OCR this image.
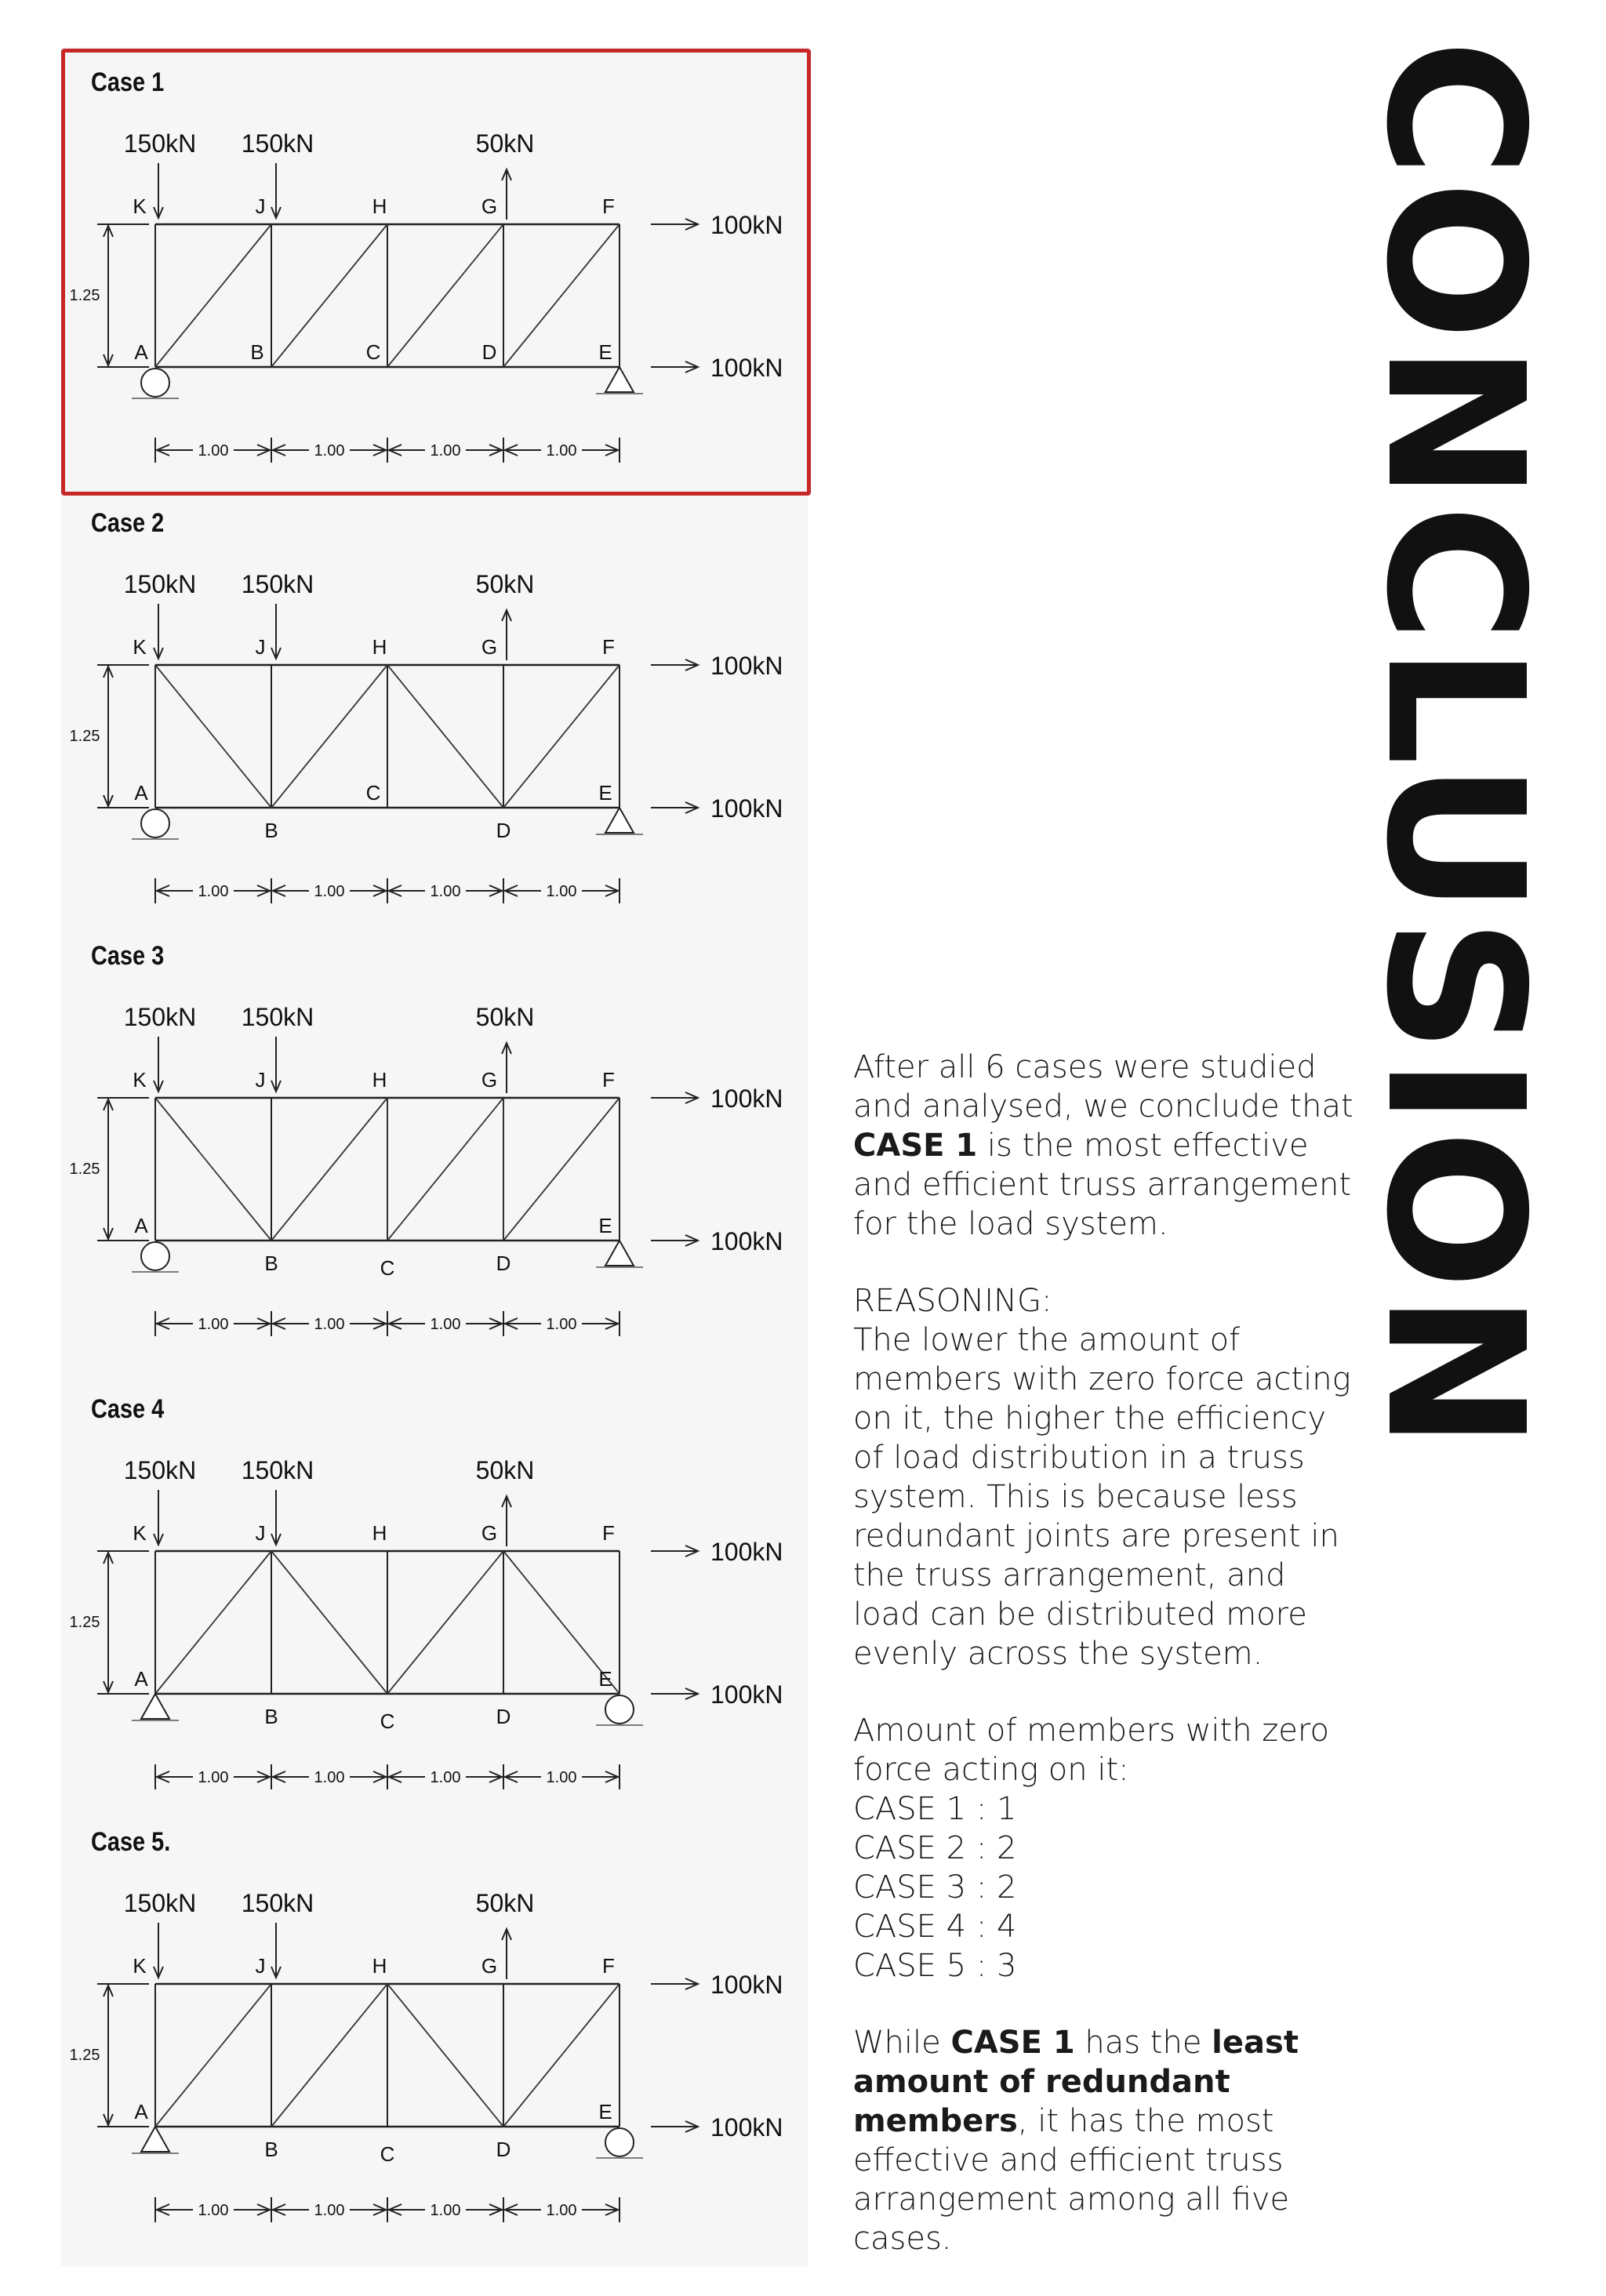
Case 1
K	J	H	G	F
A	E
B	C	D
150kN 150kN	50kN
100kN
100kN
1.25
1.00	1.00	1.00	1.00
Case 2
K	J	H	G	F
A	E
B
C
D
150kN 150kN	50kN
100kN
100kN
1.25
1.00	1.00	1.00	1.00
Case 3
K	J	H	G	F
A	E
B	C	D
150kN 150kN	50kN
100kN
100kN
1.25
1.00	1.00	1.00	1.00
Case 4
K	J	H	G	F
A	E
B	C	D
150kN 150kN	50kN
100kN
100kN
1.25
1.00	1.00	1.00	1.00
Case 5.
K	J	H	G	F
A	E
B	C	D
150kN 150kN	50kN
100kN
100kN
1.25
1.00	1.00	1.00	1.00
CONCLUSION

After all 6 cases were studied and analysed, we conclude that CASE 1 is the most effective and efficient truss arrangement for the load system.

REASONING:
The lower the amount of members with zero force acting on it, the higher the efficiency of load distribution in a truss system. This is because less redundant joints are present in the truss arrangement, and load can be distributed more evenly across the system.

Amount of members with zero force acting on it:
CASE 1 : 1
CASE 2 : 2
CASE 3 : 2
CASE 4 : 4
CASE 5 : 3

While CASE 1 has the least amount of redundant members, it has the most effective and efficient truss arrangement among all five cases.
